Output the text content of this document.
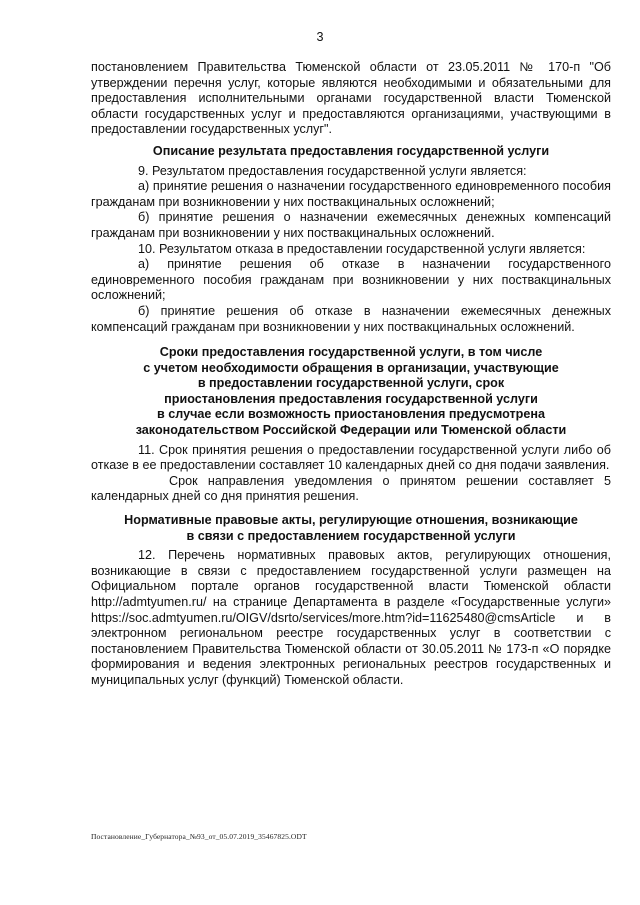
3

постановлением Правительства Тюменской области от 23.05.2011 № 170-п "Об утверждении перечня услуг, которые являются необходимыми и обязательными для предоставления исполнительными органами государственной власти Тюменской области государственных услуг и предоставляются организациями, участвующими в предоставлении государственных услуг".

Описание результата предоставления государственной услуги

9. Результатом предоставления государственной услуги является:

а) принятие решения о назначении государственного единовременного пособия гражданам при возникновении у них поствакцинальных осложнений;

б) принятие решения о назначении ежемесячных денежных компенсаций гражданам при возникновении у них поствакцинальных осложнений.

10. Результатом отказа в предоставлении государственной услуги является:

а) принятие решения об отказе в назначении государственного единовременного пособия гражданам при возникновении у них поствакцинальных осложнений;

б) принятие решения об отказе в назначении ежемесячных денежных компенсаций гражданам при возникновении у них поствакцинальных осложнений.

Сроки предоставления государственной услуги, в том числе
с учетом необходимости обращения в организации, участвующие
в предоставлении государственной услуги, срок
приостановления предоставления государственной услуги
в случае если возможность приостановления предусмотрена
законодательством Российской Федерации или Тюменской области

11. Срок принятия решения о предоставлении государственной услуги либо об отказе в ее предоставлении составляет 10 календарных дней со дня подачи заявления.

Срок направления уведомления о принятом решении составляет 5 календарных дней со дня принятия решения.

Нормативные правовые акты, регулирующие отношения, возникающие
в связи с предоставлением государственной услуги

12. Перечень нормативных правовых актов, регулирующих отношения, возникающие в связи с предоставлением государственной услуги размещен на Официальном портале органов государственной власти Тюменской области http://admtyumen.ru/ на странице Департамента в разделе «Государственные услуги»

https://soc.admtyumen.ru/OIGV/dsrto/services/more.htm?id=11625480@cmsArticle и в электронном региональном реестре государственных услуг в соответствии с постановлением Правительства Тюменской области от 30.05.2011 № 173-п «О порядке формирования и ведения электронных региональных реестров государственных и муниципальных услуг (функций) Тюменской области.

Постановление_Губернатора_№93_от_05.07.2019_35467825.ODT
